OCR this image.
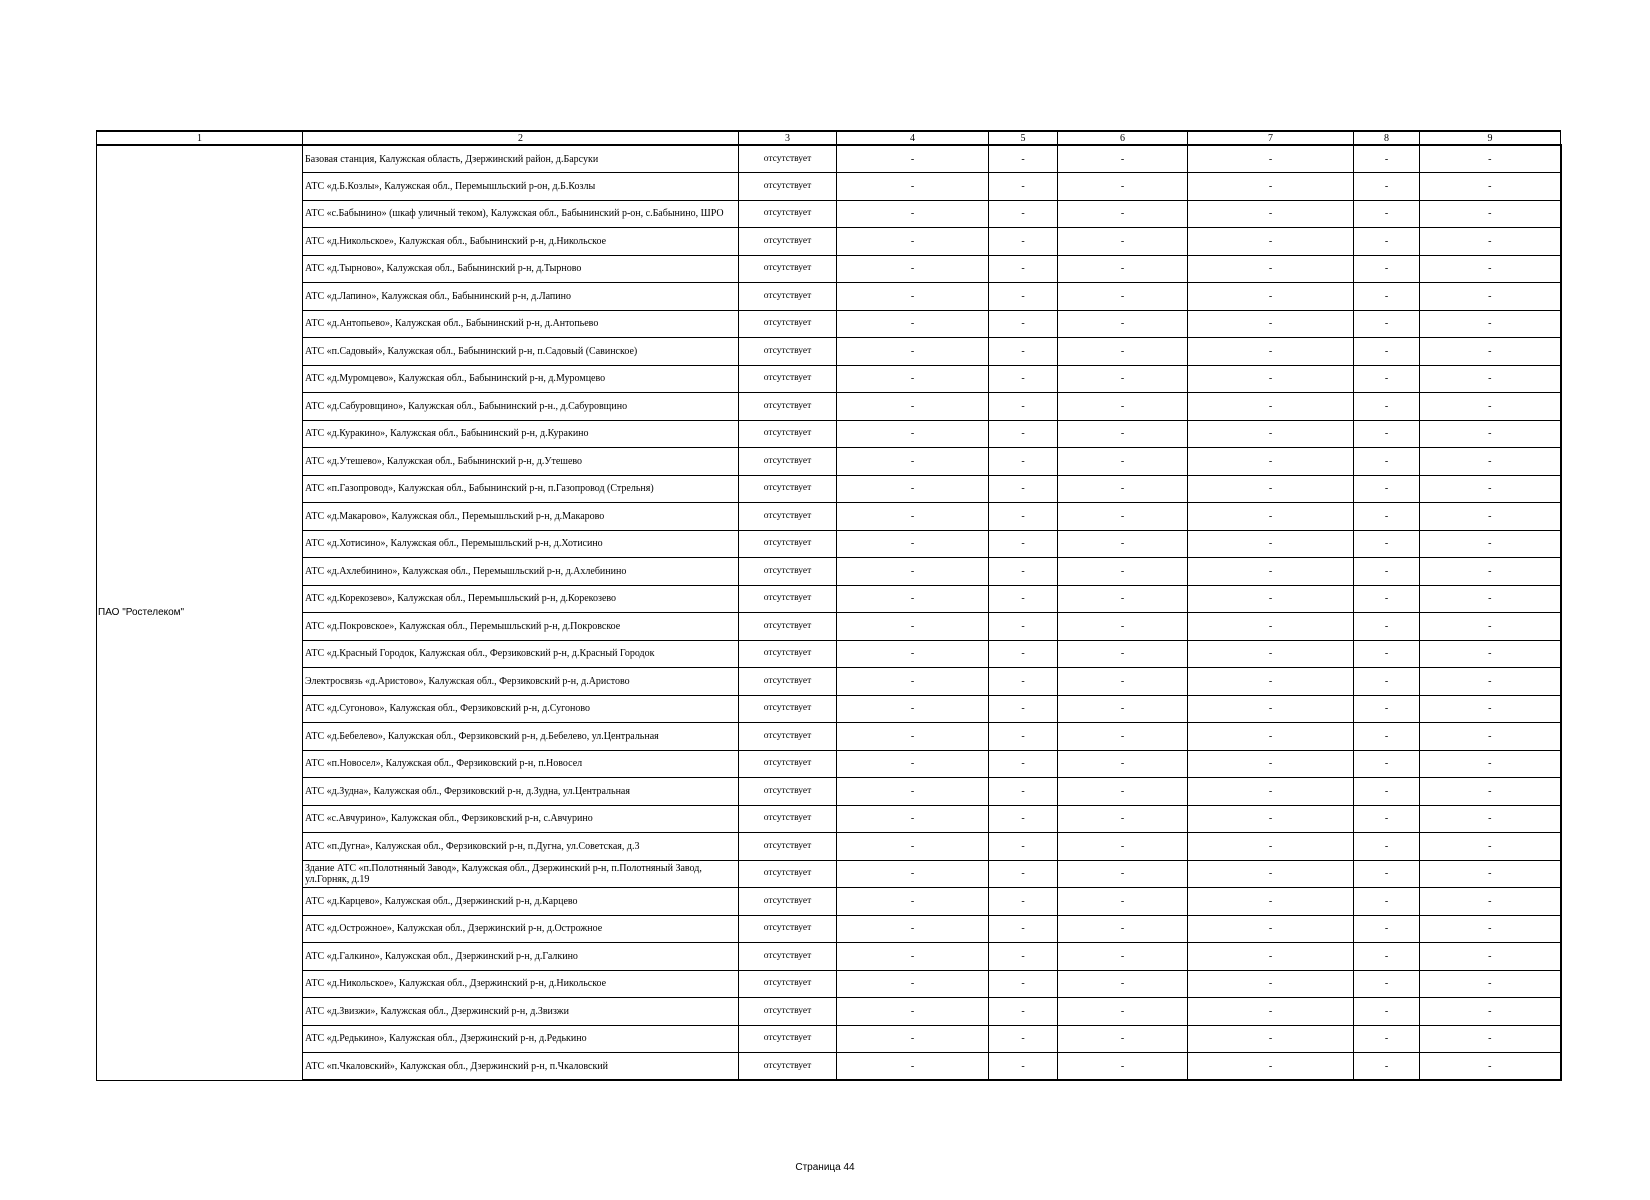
1	2	3	4	5	6	7	8	9
ПАО "Ростелеком"	Базовая станция, Калужская область, Дзержинский район, д.Барсуки	отсутствует	-	-	-	-	-	-
	АТС «д.Б.Козлы», Калужская обл., Перемышльский р-он, д.Б.Козлы	отсутствует	-	-	-	-	-	-
	АТС «с.Бабынино» (шкаф уличный теком), Калужская обл., Бабынинский р-он, с.Бабынино, ШРО	отсутствует	-	-	-	-	-	-
	АТС «д.Никольское», Калужская обл., Бабынинский р-н, д.Никольское	отсутствует	-	-	-	-	-	-
	АТС «д.Тырново», Калужская обл., Бабынинский р-н, д.Тырново	отсутствует	-	-	-	-	-	-
	АТС «д.Лапино», Калужская обл., Бабынинский р-н, д.Лапино	отсутствует	-	-	-	-	-	-
	АТС «д.Антопьево», Калужская обл., Бабынинский р-н, д.Антопьево	отсутствует	-	-	-	-	-	-
	АТС «п.Садовый», Калужская обл., Бабынинский р-н, п.Садовый (Савинское)	отсутствует	-	-	-	-	-	-
	АТС «д.Муромцево», Калужская обл., Бабынинский р-н, д.Муромцево	отсутствует	-	-	-	-	-	-
	АТС «д.Сабуровщино», Калужская обл., Бабынинский р-н., д.Сабуровщино	отсутствует	-	-	-	-	-	-
	АТС «д.Куракино», Калужская обл., Бабынинский р-н, д.Куракино	отсутствует	-	-	-	-	-	-
	АТС «д.Утешево», Калужская обл., Бабынинский р-н, д.Утешево	отсутствует	-	-	-	-	-	-
	АТС «п.Газопровод», Калужская обл., Бабынинский р-н, п.Газопровод (Стрельня)	отсутствует	-	-	-	-	-	-
	АТС «д.Макарово», Калужская обл., Перемышльский р-н, д.Макарово	отсутствует	-	-	-	-	-	-
	АТС «д.Хотисино», Калужская обл., Перемышльский р-н, д.Хотисино	отсутствует	-	-	-	-	-	-
	АТС «д.Ахлебинино», Калужская обл., Перемышльский р-н, д.Ахлебинино	отсутствует	-	-	-	-	-	-
	АТС «д.Корекозево», Калужская обл., Перемышльский р-н, д.Корекозево	отсутствует	-	-	-	-	-	-
	АТС «д.Покровское», Калужская обл., Перемышльский р-н, д.Покровское	отсутствует	-	-	-	-	-	-
	АТС «д.Красный Городок, Калужская обл., Ферзиковский р-н, д.Красный Городок	отсутствует	-	-	-	-	-	-
	Электросвязь «д.Аристово», Калужская обл., Ферзиковский р-н, д.Аристово	отсутствует	-	-	-	-	-	-
	АТС «д.Сугоново», Калужская обл., Ферзиковский р-н, д.Сугоново	отсутствует	-	-	-	-	-	-
	АТС «д.Бебелево», Калужская обл., Ферзиковский р-н, д.Бебелево, ул.Центральная	отсутствует	-	-	-	-	-	-
	АТС «п.Новосел», Калужская обл., Ферзиковский р-н, п.Новосел	отсутствует	-	-	-	-	-	-
	АТС «д.Зудна», Калужская обл., Ферзиковский р-н, д.Зудна, ул.Центральная	отсутствует	-	-	-	-	-	-
	АТС «с.Авчурино», Калужская обл., Ферзиковский р-н, с.Авчурино	отсутствует	-	-	-	-	-	-
	АТС «п.Дугна», Калужская обл., Ферзиковский р-н, п.Дугна, ул.Советская, д.3	отсутствует	-	-	-	-	-	-
	Здание АТС «п.Полотняный Завод», Калужская обл., Дзержинский р-н, п.Полотняный Завод, ул.Горняк, д.19	отсутствует	-	-	-	-	-	-
	АТС «д.Карцево», Калужская обл., Дзержинский р-н, д.Карцево	отсутствует	-	-	-	-	-	-
	АТС «д.Острожное», Калужская обл., Дзержинский р-н, д.Острожное	отсутствует	-	-	-	-	-	-
	АТС «д.Галкино», Калужская обл., Дзержинский р-н, д.Галкино	отсутствует	-	-	-	-	-	-
	АТС «д.Никольское», Калужская обл., Дзержинский р-н, д.Никольское	отсутствует	-	-	-	-	-	-
	АТС «д.Звизжи», Калужская обл., Дзержинский р-н, д.Звизжи	отсутствует	-	-	-	-	-	-
	АТС «д.Редькино», Калужская обл., Дзержинский р-н, д.Редькино	отсутствует	-	-	-	-	-	-
	АТС «п.Чкаловский», Калужская обл., Дзержинский р-н, п.Чкаловский	отсутствует	-	-	-	-	-	-
Страница 44
